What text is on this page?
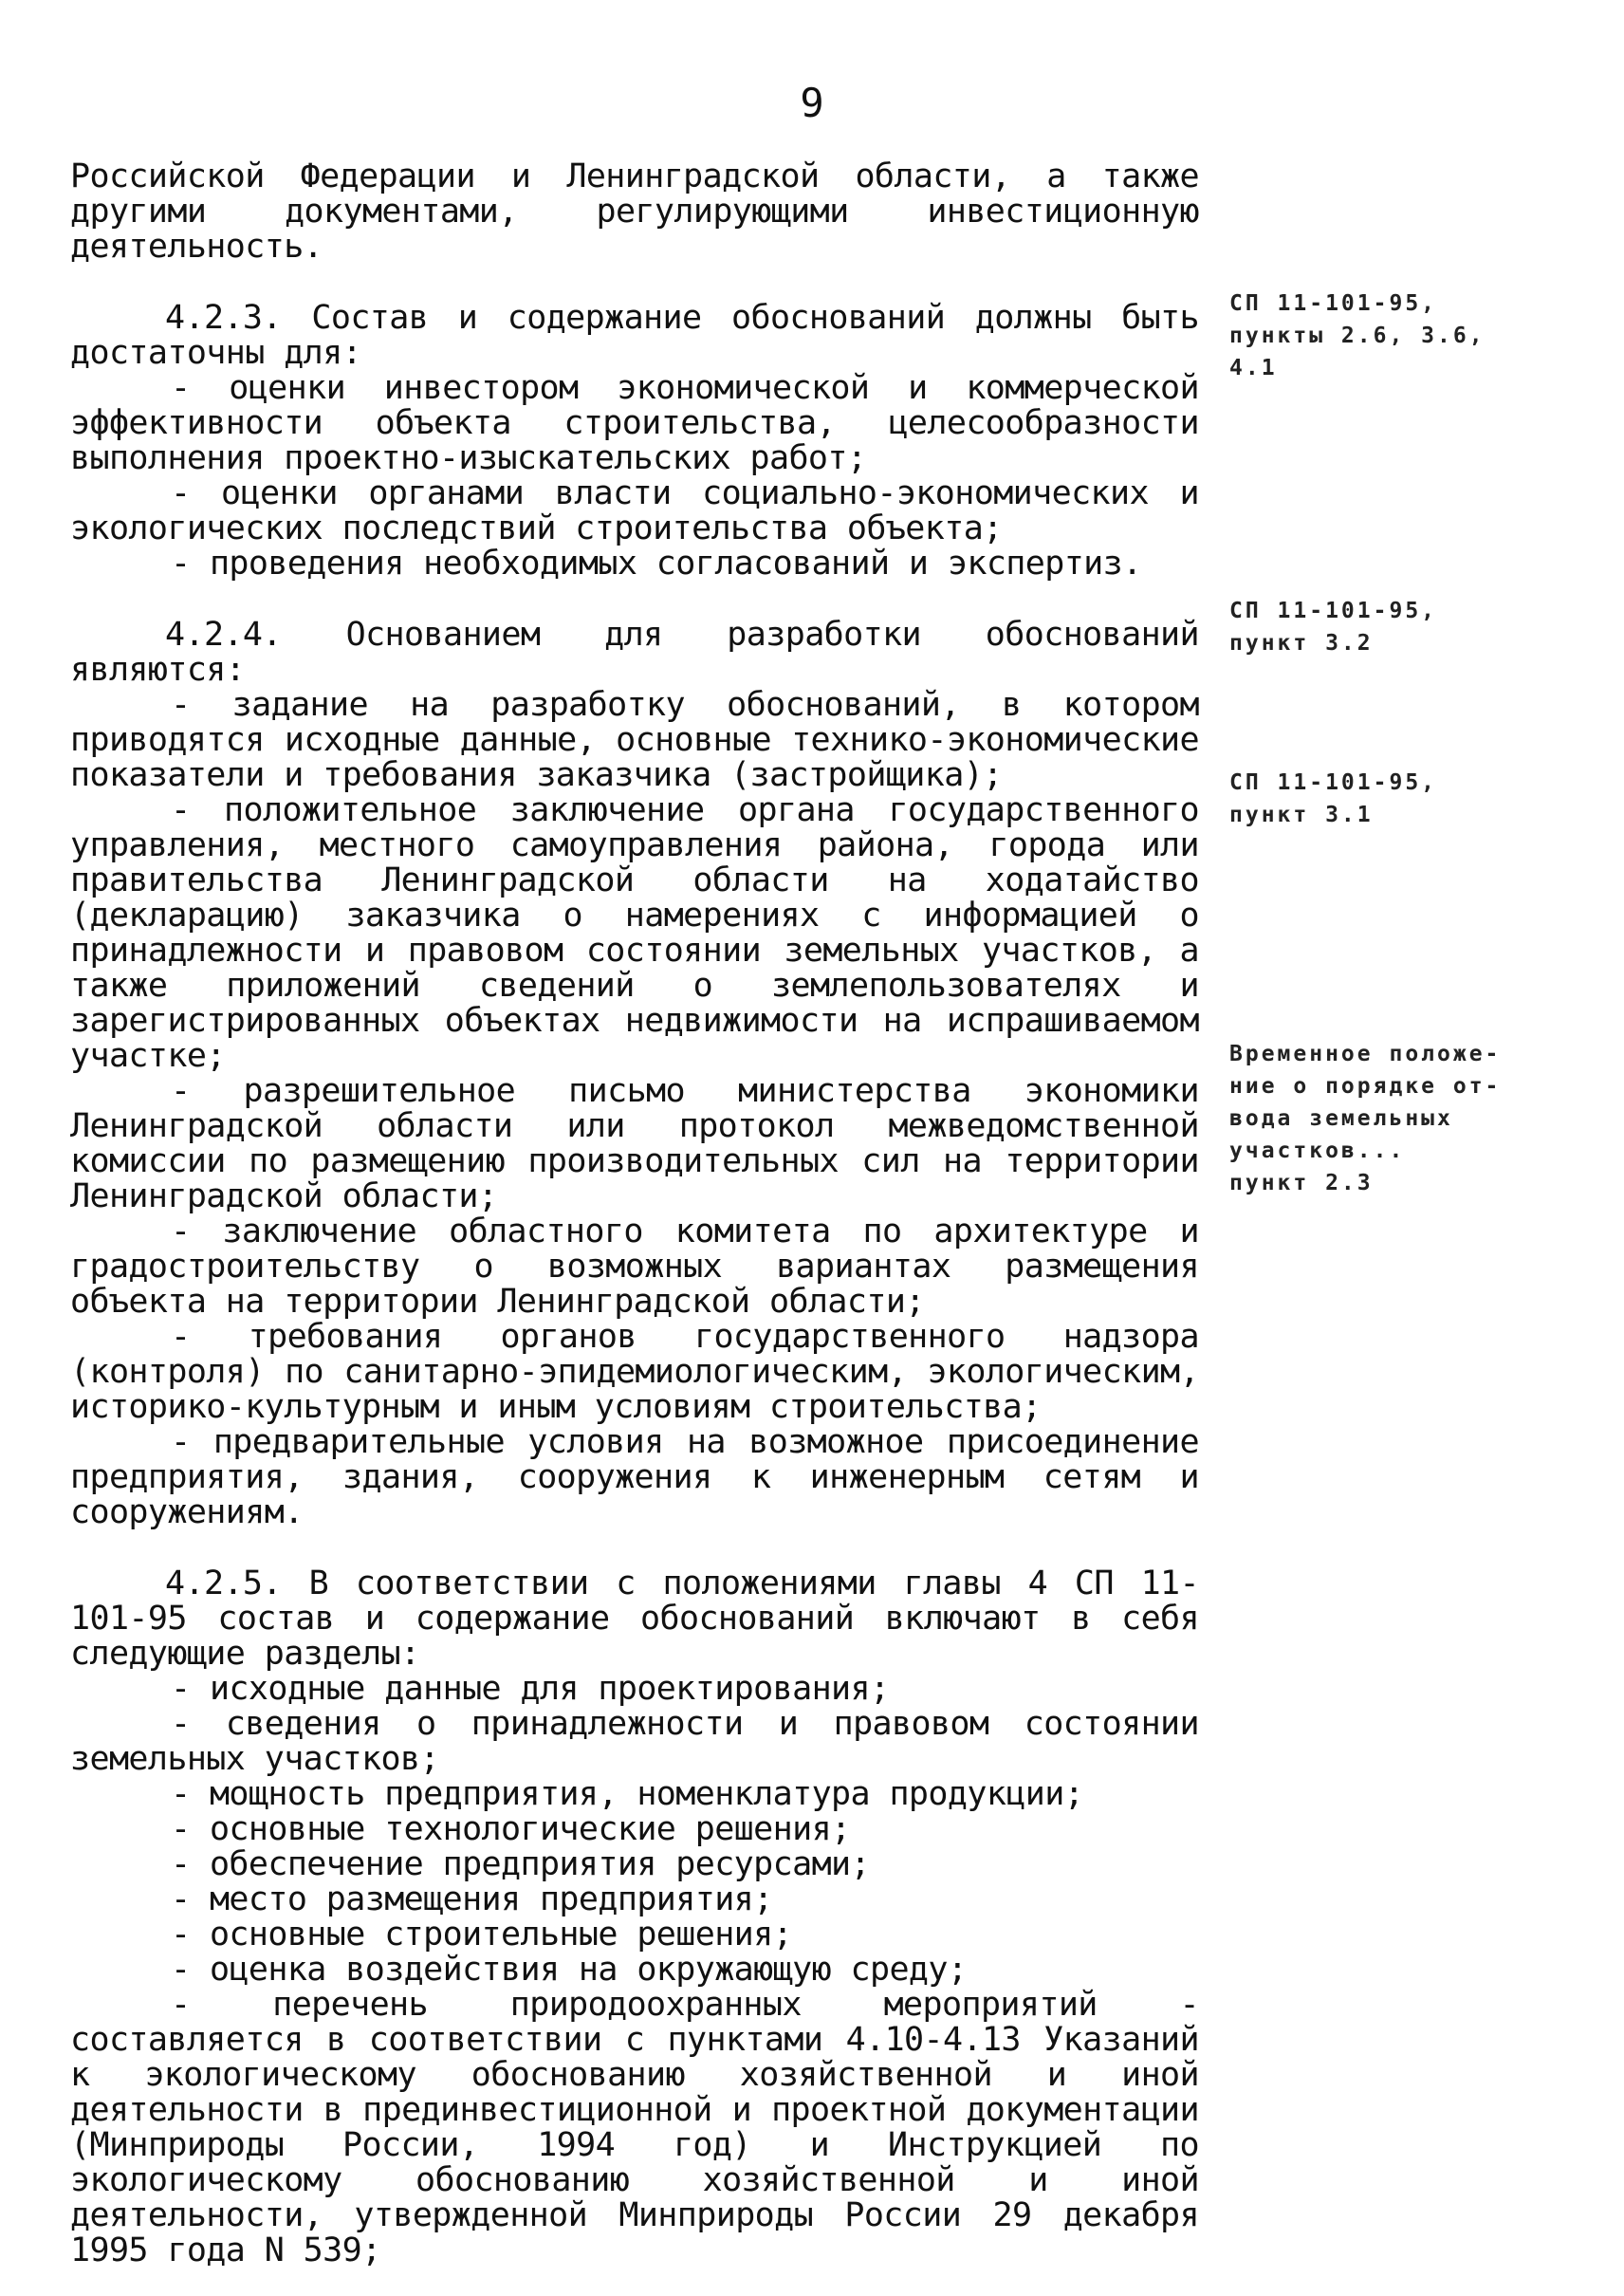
9

Российской Федерации и Ленинградской области, а также другими документами, регулирующими инвестиционную деятельность.

4.2.3. Состав и содержание обоснований должны быть достаточны для:

- оценки инвестором экономической и коммерческой эффективности объекта строительства, целесообразности выполнения проектно-изыскательских работ;

- оценки органами власти социально-экономических и экологических последствий строительства объекта;

- проведения необходимых согласований и экспертиз.

4.2.4. Основанием для разработки обоснований являются:

- задание на разработку обоснований, в котором приводятся исходные данные, основные технико-экономические показатели и требования заказчика (застройщика);

- положительное заключение органа государственного управления, местного самоуправления района, города или правительства Ленинградской области на ходатайство (декларацию) заказчика о намерениях с информацией о принадлежности и правовом состоянии земельных участков, а также приложений сведений о землепользователях и зарегистрированных объектах недвижимости на испрашиваемом участке;

- разрешительное письмо министерства экономики Ленинградской области или протокол межведомственной комиссии по размещению производительных сил на территории Ленинградской области;

- заключение областного комитета по архитектуре и градостроительству о возможных вариантах размещения объекта на территории Ленинградской области;

- требования органов государственного надзора (контроля) по санитарно-эпидемиологическим, экологическим, историко-культурным и иным условиям строительства;

- предварительные условия на возможное присоединение предприятия, здания, сооружения к инженерным сетям и сооружениям.

4.2.5. В соответствии с положениями главы 4 СП 11-101-95 состав и содержание обоснований включают в себя следующие разделы:

- исходные данные для проектирования;

- сведения о принадлежности и правовом состоянии земельных участков;

- мощность предприятия, номенклатура продукции;

- основные технологические решения;

- обеспечение предприятия ресурсами;

- место размещения предприятия;

- основные строительные решения;

- оценка воздействия на окружающую среду;

- перечень природоохранных мероприятий - составляется в соответствии с пунктами 4.10-4.13 Указаний к экологическому обоснованию хозяйственной и иной деятельности в прединвестиционной и проектной документации (Минприроды России, 1994 год) и Инструкцией по экологическому обоснованию хозяйственной и иной деятельности, утвержденной Минприроды России 29 декабря 1995 года N 539;

СП 11-101-95,
пункты 2.6, 3.6,
4.1
СП 11-101-95,
пункт 3.2
СП 11-101-95,
пункт 3.1
Временное положе-
ние о порядке от-
вода земельных
участков...
пункт 2.3
